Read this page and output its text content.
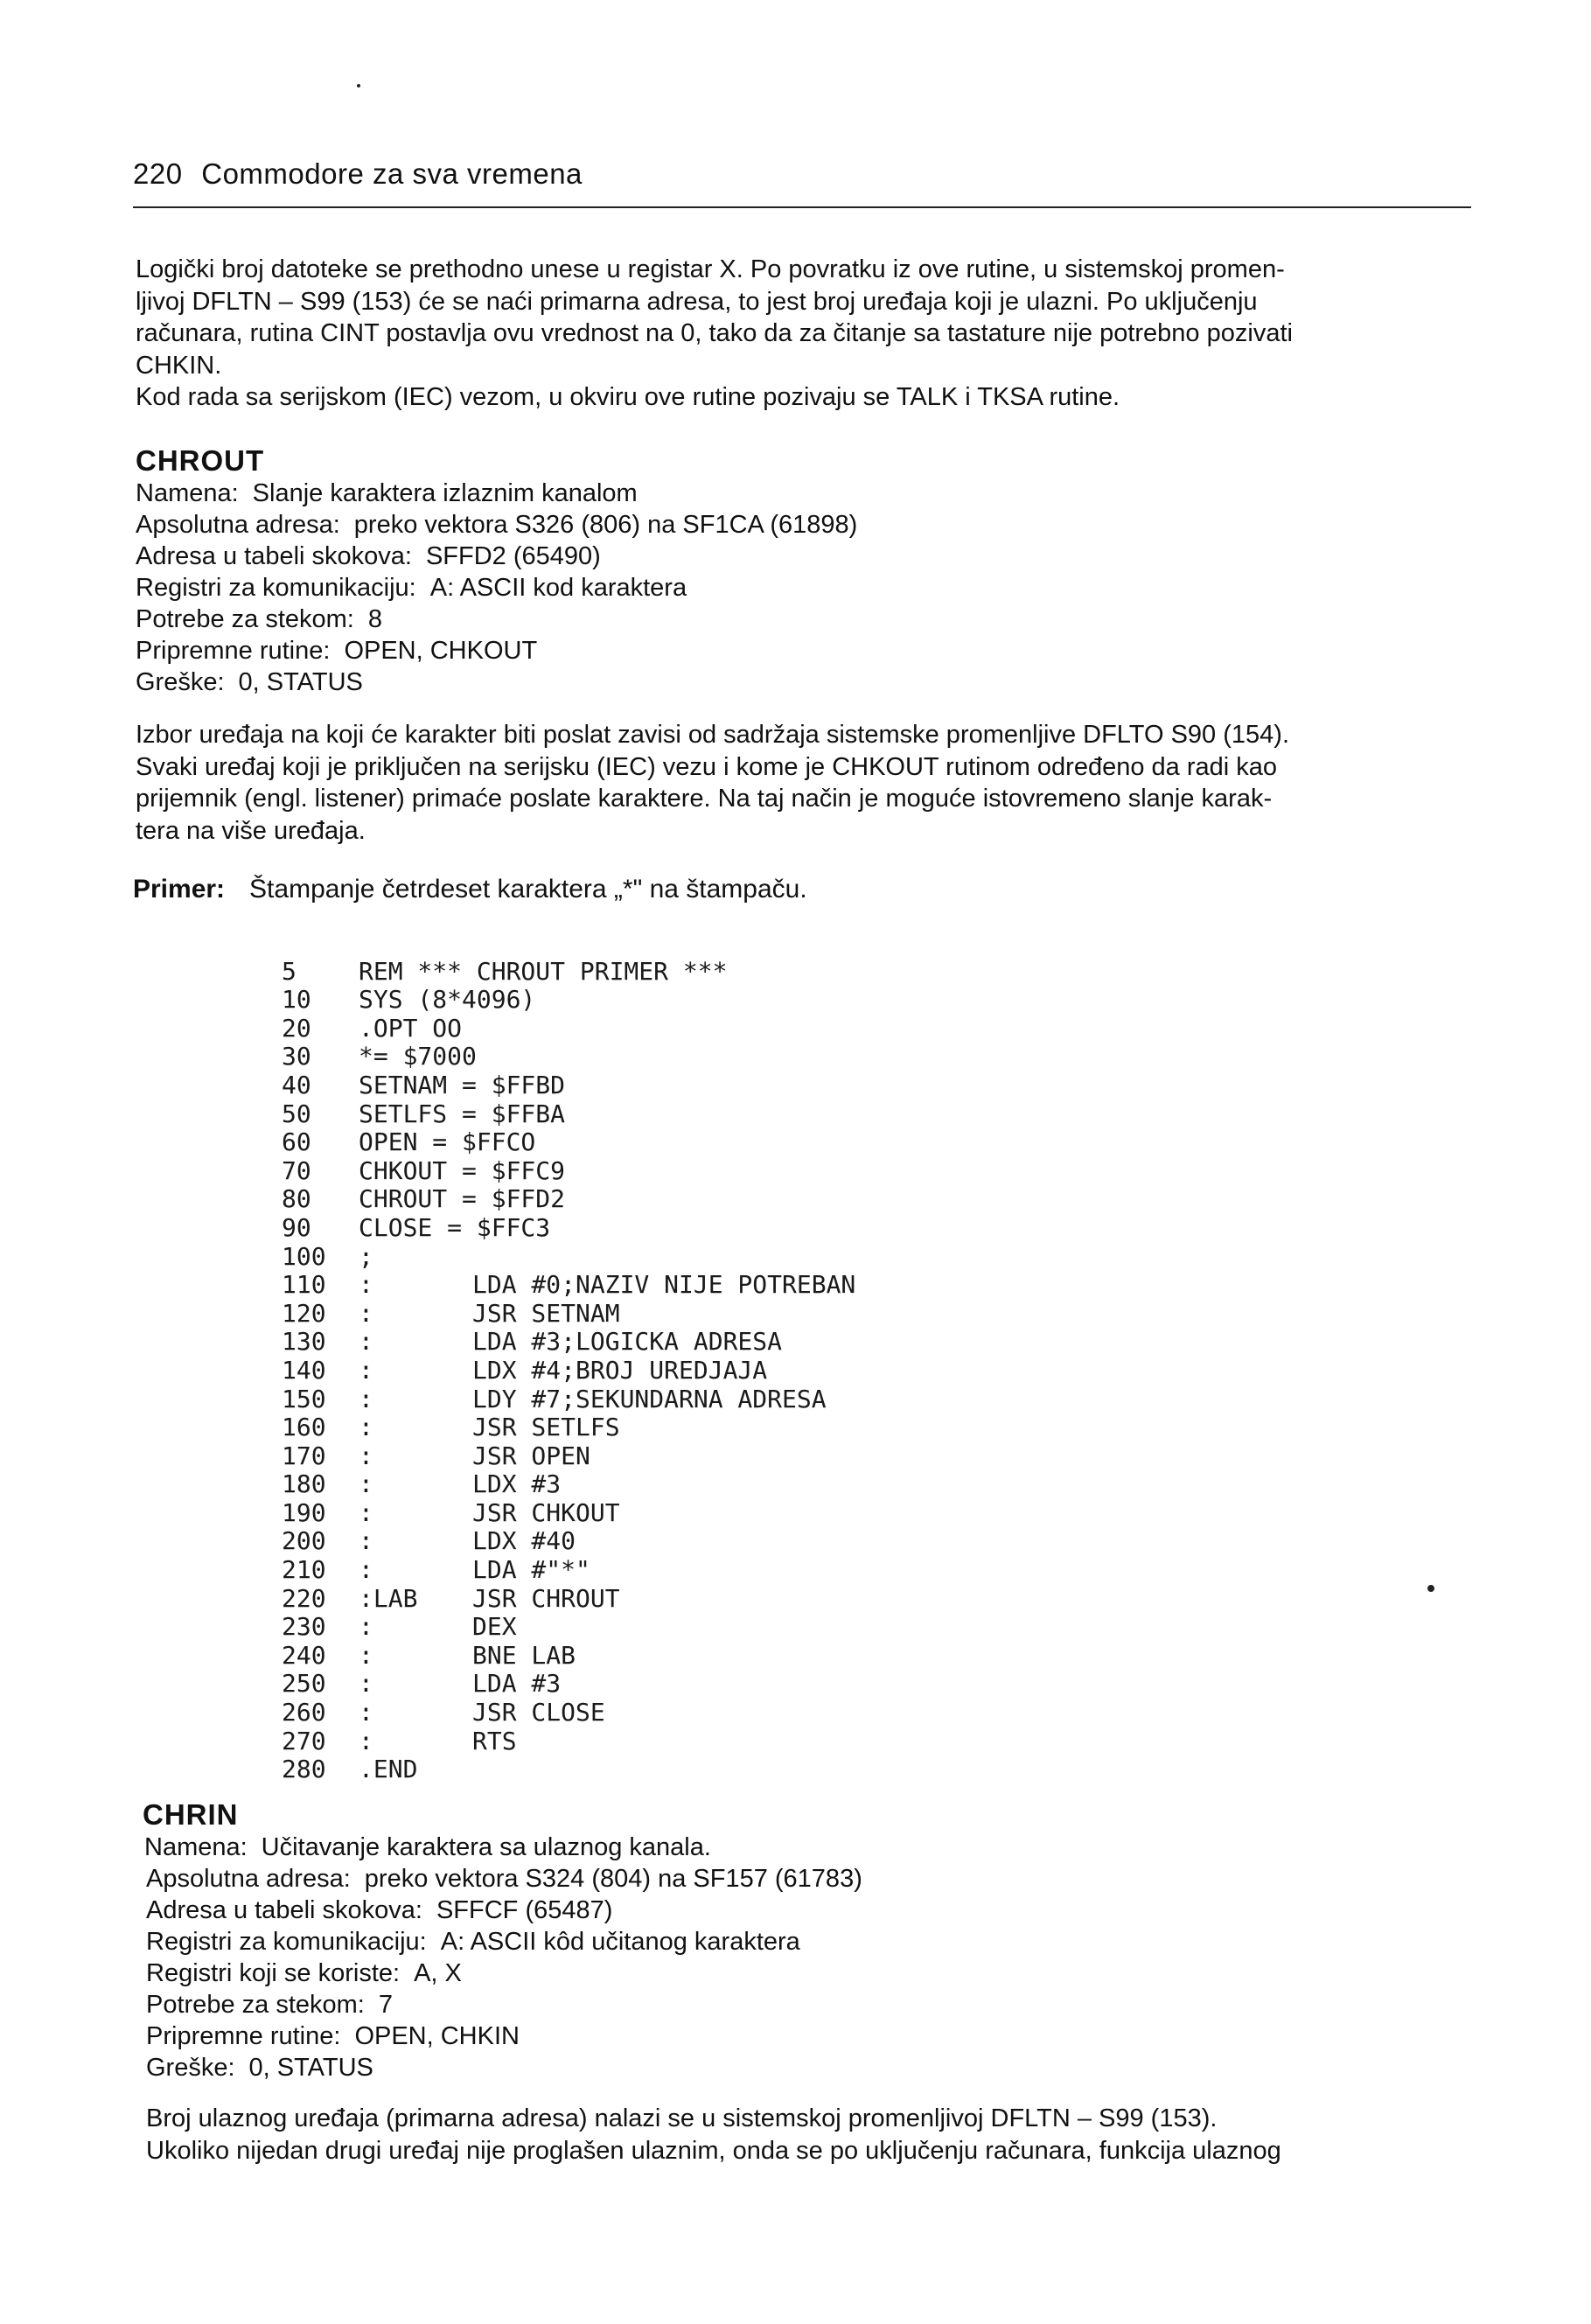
220 Commodore za sva vremena
Logički broj datoteke se prethodno unese u registar X. Po povratku iz ove rutine, u sistemskoj promen-
ljivoj DFLTN – S99 (153) će se naći primarna adresa, to jest broj uređaja koji je ulazni. Po uključenju
računara, rutina CINT postavlja ovu vrednost na 0, tako da za čitanje sa tastature nije potrebno pozivati
CHKIN.
Kod rada sa serijskom (IEC) vezom, u okviru ove rutine pozivaju se TALK i TKSA rutine.
CHROUT
Namena: Slanje karaktera izlaznim kanalom
Apsolutna adresa: preko vektora S326 (806) na SF1CA (61898)
Adresa u tabeli skokova: SFFD2 (65490)
Registri za komunikaciju: A: ASCII kod karaktera
Potrebe za stekom: 8
Pripremne rutine: OPEN, CHKOUT
Greške: 0, STATUS
Izbor uređaja na koji će karakter biti poslat zavisi od sadržaja sistemske promenljive DFLTO S90 (154).
Svaki uređaj koji je priključen na serijsku (IEC) vezu i kome je CHKOUT rutinom određeno da radi kao
prijemnik (engl. listener) primaće poslate karaktere. Na taj način je moguće istovremeno slanje karak-
tera na više uređaja.
Primer: Štampanje četrdeset karaktera „*" na štampaču.

5	REM *** CHROUT PRIMER ***
10 SYS (8*4096)
20 .OPT OO
30 *= $7000
40 SETNAM = $FFBD
50 SETLFS = $FFBA
60 OPEN = $FFCO
70 CHKOUT = $FFC9
80 CHROUT = $FFD2
90 CLOSE = $FFC3
100 ;
110 :	LDA #0;NAZIV NIJE POTREBAN
120 :	JSR SETNAM
130 :	LDA #3;LOGICKA ADRESA
140 :	LDX #4;BROJ UREDJAJA
150 :	LDY #7;SEKUNDARNA ADRESA
160 :	JSR SETLFS
170 :	JSR OPEN
180 :	LDX #3
190 :	JSR CHKOUT
200 :	LDX #40
210 :	LDA #"*"
220 :LAB JSR CHROUT
230 :	DEX
240 :	BNE LAB
250 :	LDA #3
260 :	JSR CLOSE
270 :	RTS
280 .END

CHRIN
Namena: Učitavanje karaktera sa ulaznog kanala.
Apsolutna adresa: preko vektora S324 (804) na SF157 (61783)
Adresa u tabeli skokova: SFFCF (65487)
Registri za komunikaciju: A: ASCII kôd učitanog karaktera
Registri koji se koriste: A, X
Potrebe za stekom: 7
Pripremne rutine: OPEN, CHKIN
Greške: 0, STATUS
Broj ulaznog uređaja (primarna adresa) nalazi se u sistemskoj promenljivoj DFLTN – S99 (153).
Ukoliko nijedan drugi uređaj nije proglašen ulaznim, onda se po uključenju računara, funkcija ulaznog
